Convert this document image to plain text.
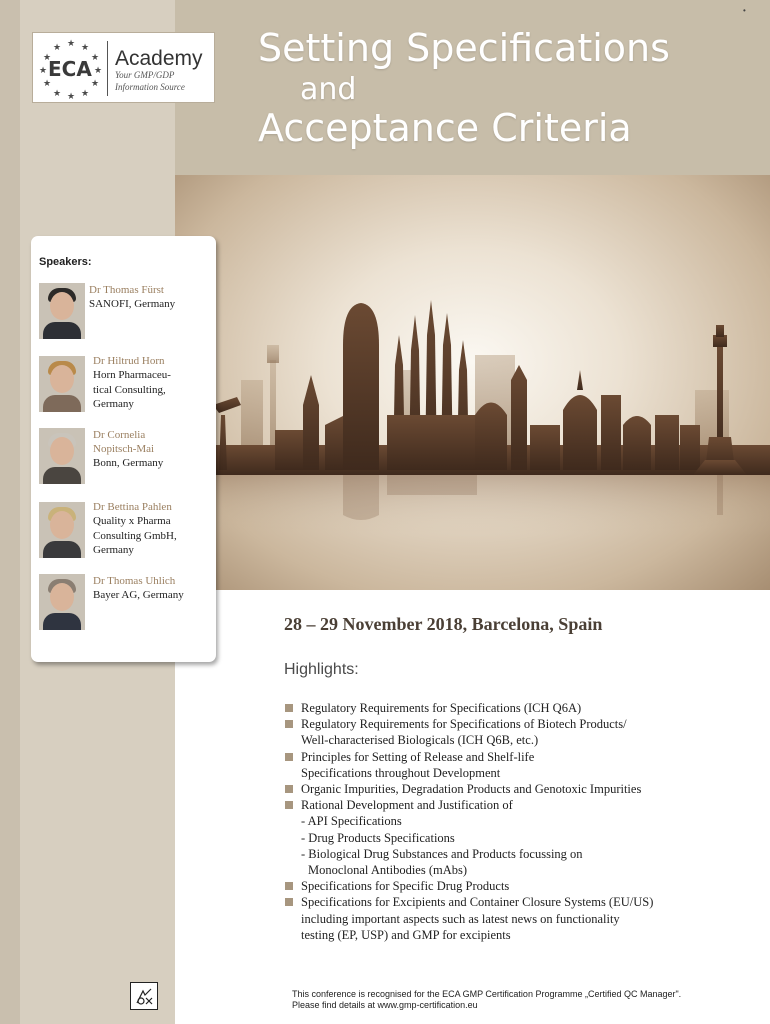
•
★ ★
★
★
★
★
★
★
★
★
★
★
ECA Academy
Your GMP/GDP
Information Source
Setting Specifications
and
Acceptance Criteria
Speakers:
Dr Thomas Fürst
SANOFI, Germany
Dr Hiltrud Horn
Horn Pharmaceu-
tical Consulting,
Germany
Dr Cornelia
Nopitsch-Mai
Bonn, Germany
Dr Bettina Pahlen
Quality x Pharma
Consulting GmbH,
Germany
Dr Thomas Uhlich
Bayer AG, Germany
28 – 29 November 2018, Barcelona, Spain
Highlights:
Regulatory Requirements for Specifications (ICH Q6A)
Regulatory Requirements for Specifications of Biotech Products/
Well-characterised Biologicals (ICH Q6B, etc.)
Principles for Setting of Release and Shelf-life
Specifications throughout Development
Organic Impurities, Degradation Products and Genotoxic Impurities
Rational Development and Justification of
- API Specifications
- Drug Products Specifications
- Biological Drug Substances and Products focussing on
Monoclonal Antibodies (mAbs)
Specifications for Specific Drug Products
Specifications for Excipients and Container Closure Systems (EU/US)
including important aspects such as latest news on functionality
testing (EP, USP) and GMP for excipients
This conference is recognised for the ECA GMP Certification Programme „Certified QC Manager".
Please find details at www.gmp-certification.eu
